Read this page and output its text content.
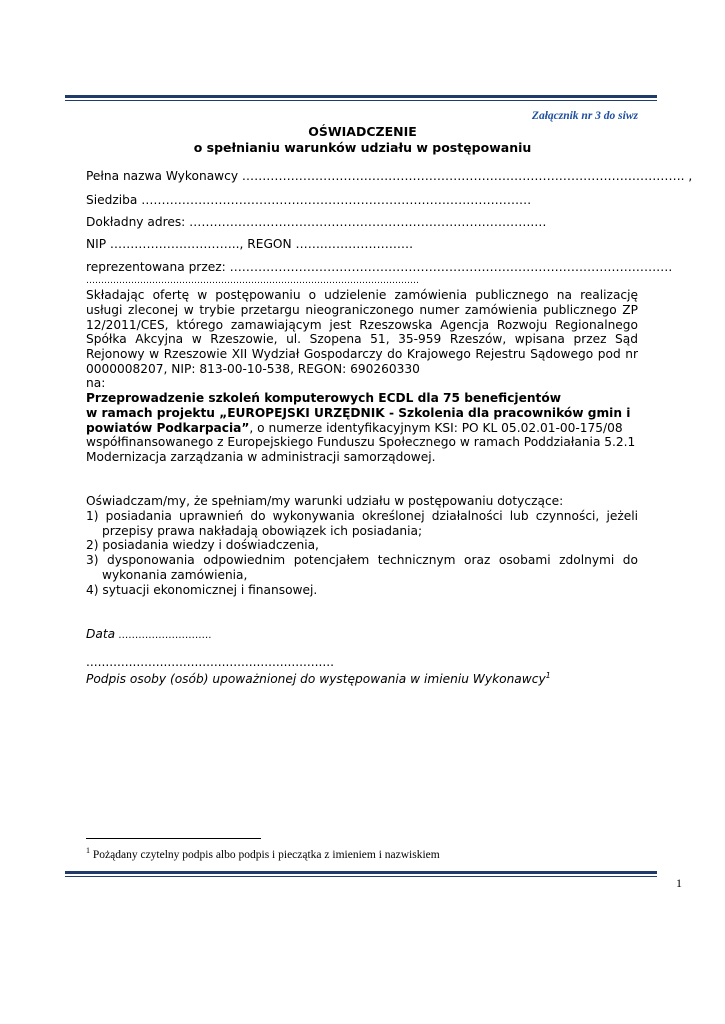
Załącznik nr 3 do siwz
OŚWIADCZENIE
o spełnianiu warunków udziału w postępowaniu
Pełna nazwa Wykonawcy ………………………………………………………………………………………………. ,
Siedziba ……………………………………………………………………………………
Dokładny adres: ………………………………………………………………………….…
NIP ………………………….., REGON …….………………….
reprezentowana przez: ……………………………………………………………………………………………….
…………………………………………………………………………………………………
Składając ofertę w postępowaniu o udzielenie zamówienia publicznego na realizację usługi zleconej w trybie przetargu nieograniczonego numer zamówienia publicznego ZP 12/2011/CES, którego zamawiającym jest Rzeszowska Agencja Rozwoju Regionalnego Spółka Akcyjna w Rzeszowie, ul. Szopena 51, 35-959 Rzeszów, wpisana przez Sąd Rejonowy w Rzeszowie XII Wydział Gospodarczy do Krajowego Rejestru Sądowego pod nr 0000008207, NIP: 813-00-10-538, REGON: 690260330
na:
Przeprowadzenie szkoleń komputerowych ECDL dla 75 beneficjentów
w ramach projektu „EUROPEJSKI URZĘDNIK - Szkolenia dla pracowników gmin i powiatów Podkarpacia”, o numerze identyfikacyjnym KSI: PO KL 05.02.01-00-175/08 współfinansowanego z Europejskiego Funduszu Społecznego w ramach Poddziałania 5.2.1 Modernizacja zarządzania w administracji samorządowej.
Oświadczam/my, że spełniam/my warunki udziału w postępowaniu dotyczące:
1) posiadania uprawnień do wykonywania określonej działalności lub czynności, jeżeli przepisy prawa nakładają obowiązek ich posiadania;
2) posiadania wiedzy i doświadczenia,
3) dysponowania odpowiednim potencjałem technicznym oraz osobami zdolnymi do wykonania zamówienia,
4) sytuacji ekonomicznej i finansowej.
Data ……………………….
................................................................
Podpis osoby (osób) upoważnionej do występowania w imieniu Wykonawcy$^1$
$^1$ Pożądany czytelny podpis albo podpis i pieczątka z imieniem i nazwiskiem
1
